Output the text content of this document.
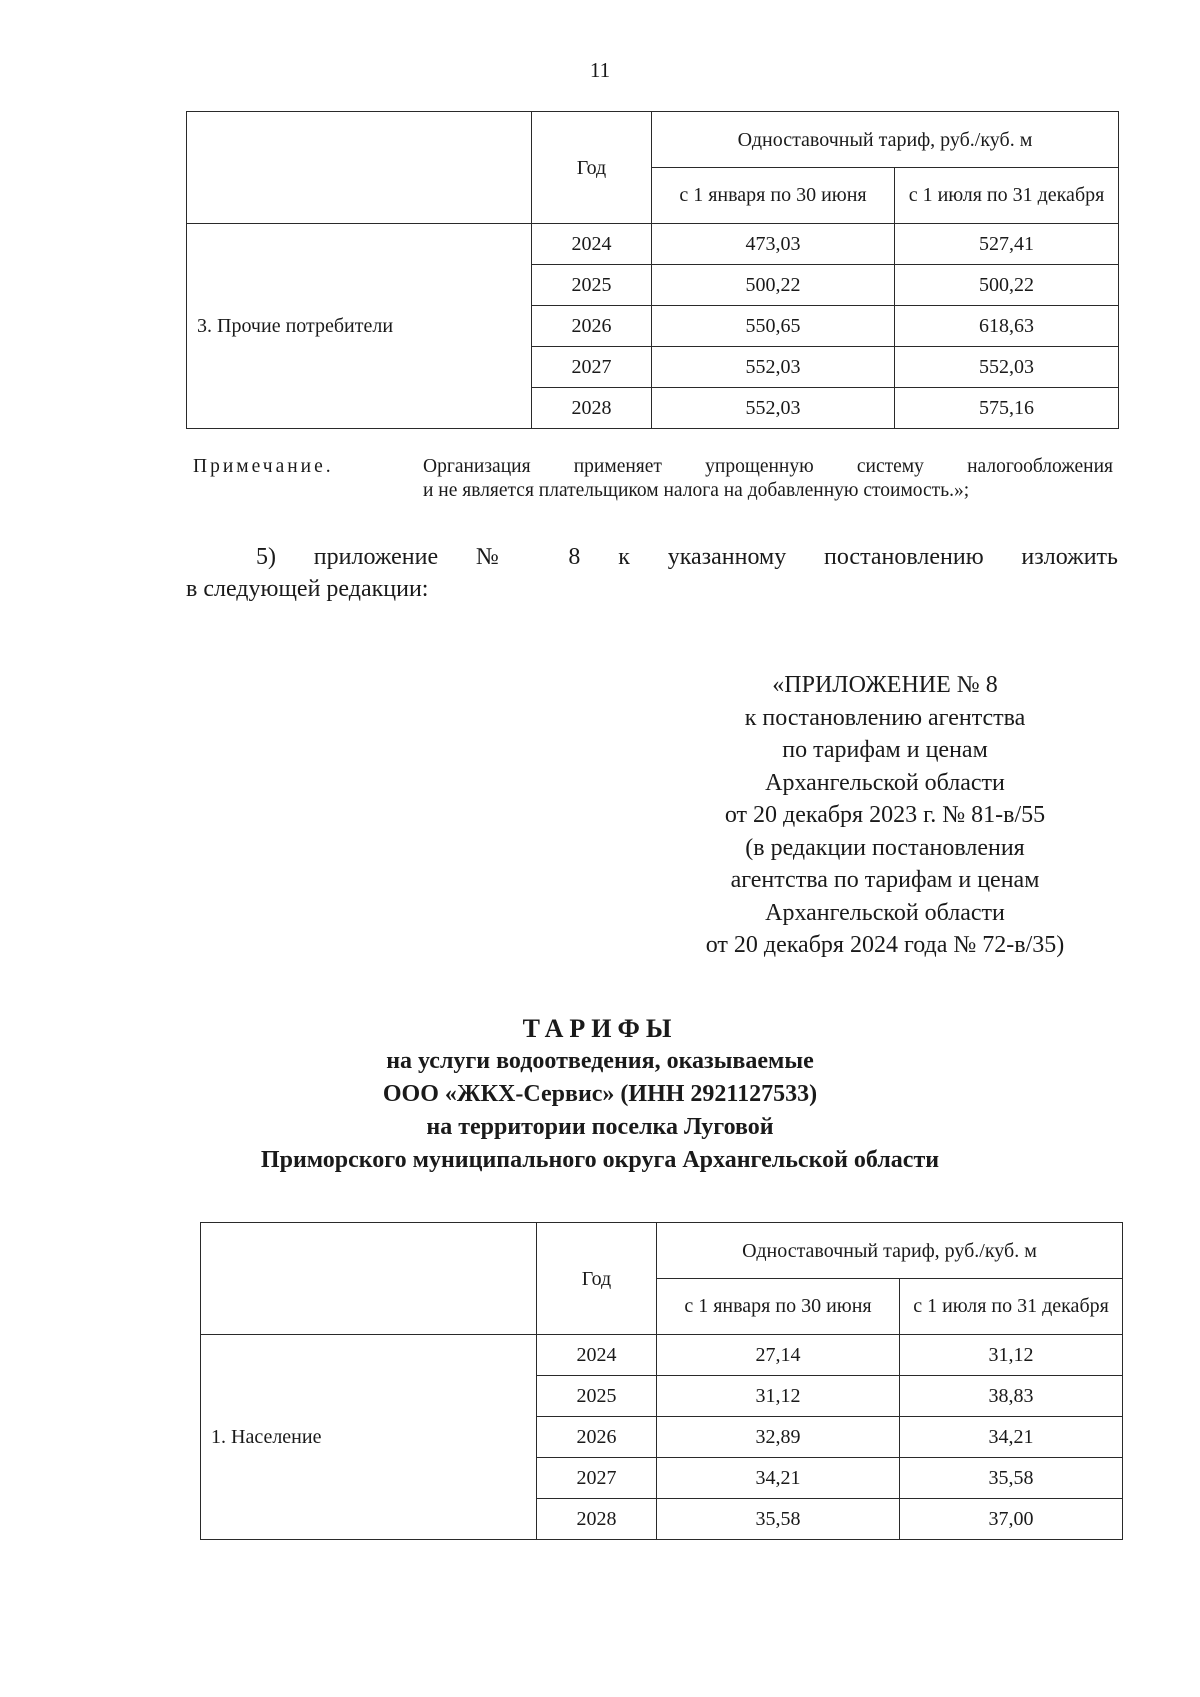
11
	Год	Одноставочный тариф, руб./куб. м	
		с 1 января по 30 июня	с 1 июля по 31 декабря
3. Прочие потребители	2024	473,03	527,41
	2025	500,22	500,22
	2026	550,65	618,63
	2027	552,03	552,03
	2028	552,03	575,16
Примечание.	Организация применяет упрощенную систему налогообложения
и не является плательщиком налога на добавленную стоимость.»;
5) приложение № 8 к указанному постановлению изложить
в следующей редакции:
«ПРИЛОЖЕНИЕ № 8
к постановлению агентства
по тарифам и ценам
Архангельской области
от 20 декабря 2023 г. № 81-в/55
(в редакции постановления
агентства по тарифам и ценам
Архангельской области
от 20 декабря 2024 года № 72-в/35)
ТАРИФЫ
на услуги водоотведения, оказываемые
ООО «ЖКХ-Сервис» (ИНН 2921127533)
на территории поселка Луговой
Приморского муниципального округа Архангельской области
	Год	Одноставочный тариф, руб./куб. м	
		с 1 января по 30 июня	с 1 июля по 31 декабря
1. Население	2024	27,14	31,12
	2025	31,12	38,83
	2026	32,89	34,21
	2027	34,21	35,58
	2028	35,58	37,00
